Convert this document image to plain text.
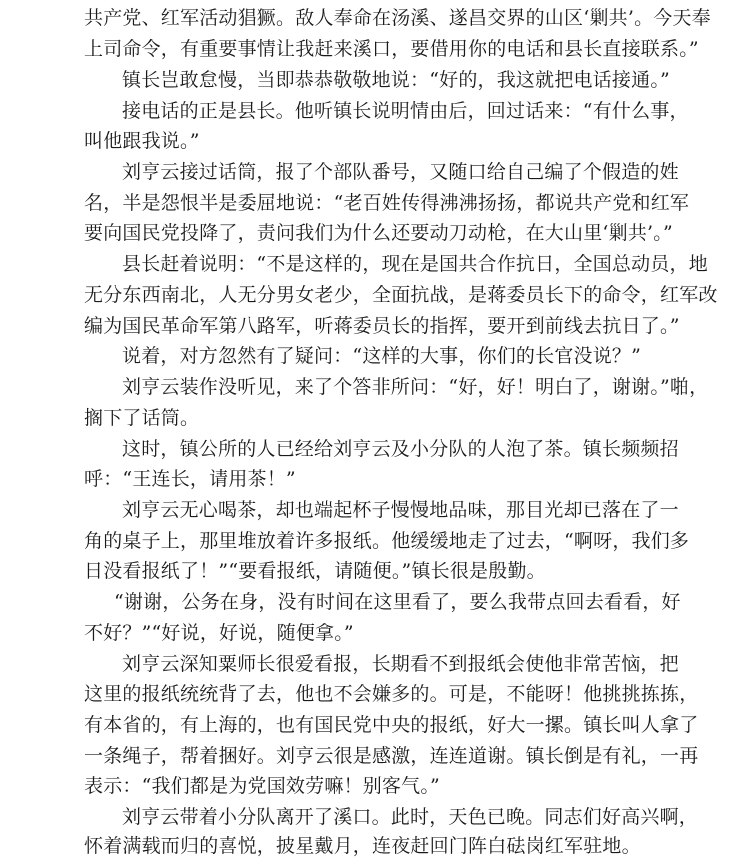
共产党、红军活动猖獗。敌人奉命在汤溪、遂昌交界的山区‘剿共’。今天奉
上司命令，有重要事情让我赶来溪口，要借用你的电话和县长直接联系。”
镇长岂敢怠慢，当即恭恭敬敬地说：“好的，我这就把电话接通。”
接电话的正是县长。他听镇长说明情由后，回过话来：“有什么事，
叫他跟我说。”
刘亨云接过话筒，报了个部队番号，又随口给自己编了个假造的姓
名，半是怨恨半是委屈地说：“老百姓传得沸沸扬扬，都说共产党和红军
要向国民党投降了，责问我们为什么还要动刀动枪，在大山里‘剿共’。”
县长赶着说明：“不是这样的，现在是国共合作抗日，全国总动员，地
无分东西南北，人无分男女老少，全面抗战，是蒋委员长下的命令，红军改
编为国民革命军第八路军，听蒋委员长的指挥，要开到前线去抗日了。”
说着，对方忽然有了疑问：“这样的大事，你们的长官没说？”
刘亨云装作没听见，来了个答非所问：“好，好！明白了，谢谢。”啪，
搁下了话筒。
这时，镇公所的人已经给刘亨云及小分队的人泡了茶。镇长频频招
呼：“王连长，请用茶！”
刘亨云无心喝茶，却也端起杯子慢慢地品味，那目光却已落在了一
角的桌子上，那里堆放着许多报纸。他缓缓地走了过去，“啊呀，我们多
日没看报纸了！”“要看报纸，请随便。”镇长很是殷勤。
“谢谢，公务在身，没有时间在这里看了，要么我带点回去看看，好
不好？”“好说，好说，随便拿。”
刘亨云深知粟师长很爱看报，长期看不到报纸会使他非常苦恼，把
这里的报纸统统背了去，他也不会嫌多的。可是，不能呀！他挑挑拣拣，
有本省的，有上海的，也有国民党中央的报纸，好大一摞。镇长叫人拿了
一条绳子，帮着捆好。刘亨云很是感激，连连道谢。镇长倒是有礼，一再
表示：“我们都是为党国效劳嘛！别客气。”
刘亨云带着小分队离开了溪口。此时，天色已晚。同志们好高兴啊，
怀着满载而归的喜悦，披星戴月，连夜赶回门阵白砝岗红军驻地。
